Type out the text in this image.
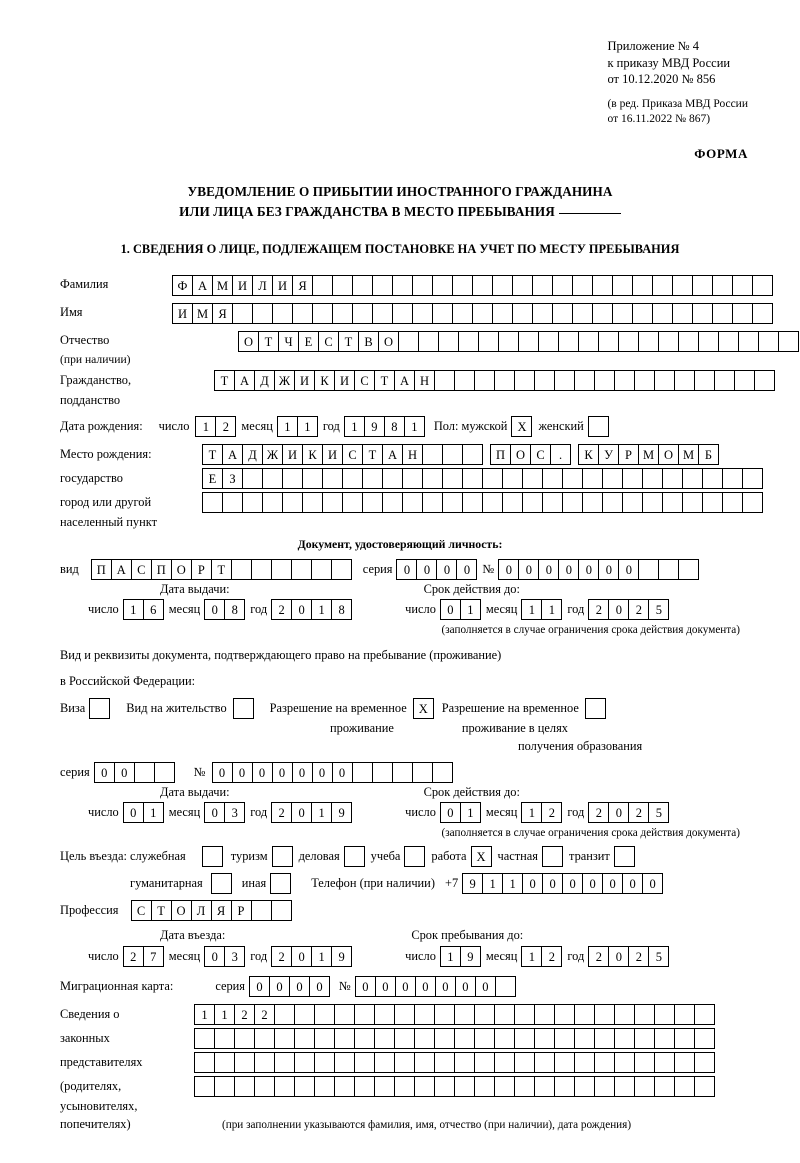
Приложение № 4
к приказу МВД России
от 10.12.2020 № 856
(в ред. Приказа МВД России
от 16.11.2022 № 867)
ФОРМА
УВЕДОМЛЕНИЕ О ПРИБЫТИИ ИНОСТРАННОГО ГРАЖДАНИНА
ИЛИ ЛИЦА БЕЗ ГРАЖДАНСТВА В МЕСТО ПРЕБЫВАНИЯ
1. СВЕДЕНИЯ О ЛИЦЕ, ПОДЛЕЖАЩЕМ ПОСТАНОВКЕ НА УЧЕТ ПО МЕСТУ ПРЕБЫВАНИЯ
Фамилия	Ф А М И Л И Я
Имя	И М Я
Отчество	О Т Ч Е С Т В О
(при наличии)
Гражданство,	Т А Д Ж И К И С Т А Н
подданство
Дата рождения: число	1	2 месяц 1	1 год 1	9	8	1	Пол: мужской X женский
Место рождения:	Т А Д Ж И К И С Т А Н	П О С	.	К У Р М О М Б
государство	Е	З
город или другой
населенный пункт
Документ, удостоверяющий личность:
вид	П А С П О Р	Т	серия 0	0	0	0 № 0	0	0	0	0	0	0
Дата выдачи:	Срок действия до:
число 1	6 месяц 0	8 год 2	0	1	8	число 0	1 месяц 1	1 год 2	0	2	5
(заполняется в случае ограничения срока действия документа)
Вид и реквизиты документа, подтверждающего право на пребывание (проживание)
в Российской Федерации:
Виза	Вид на жительство	Разрешение на временное X	Разрешение на временное
проживание	проживание в целях
получения образования
серия 0	0	№	0	0	0	0	0	0	0
Дата выдачи:	Срок действия до:
число 0	1 месяц 0	3 год 2	0	1	9	число 0	1 месяц 1	2 год 2	0	2	5
(заполняется в случае ограничения срока действия документа)
Цель въезда: служебная	туризм	деловая	учеба	работа X частная	транзит
гуманитарная	иная	Телефон (при наличии) +7 9	1	1	0	0	0	0	0	0	0
Профессия	С Т О Л Я Р
Дата въезда:	Срок пребывания до:
число 2	7 месяц 0	3 год 2	0	1	9	число 1	9 месяц 1	2 год 2	0	2	5
Миграционная карта:	серия 0	0	0	0	№ 0	0	0	0	0	0	0
Сведения о	1	1	2	2
законных
представителях
(родителях,
усыновителях,
попечителях)	(при заполнении указываются фамилия, имя, отчество (при наличии), дата рождения)
